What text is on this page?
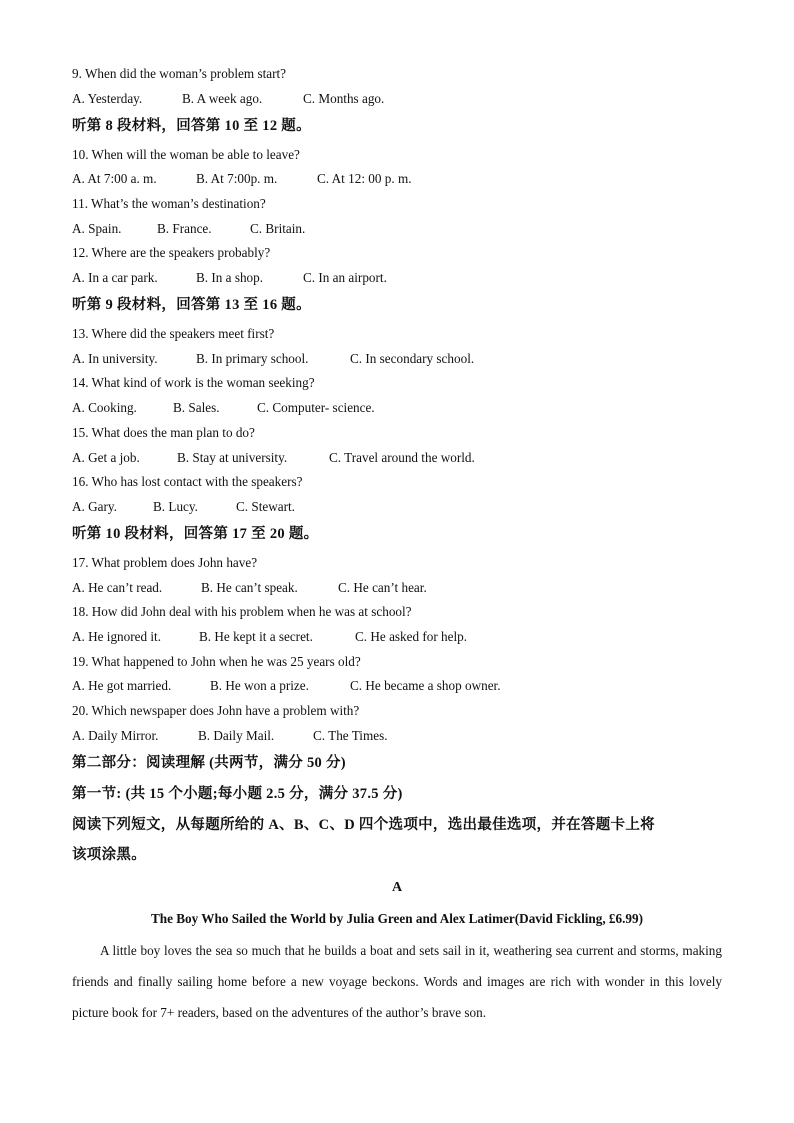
9. When did the woman’s problem start?
A. Yesterday.	B. A week ago.	C. Months ago.
听第 8 段材料，回答第 10 至 12 题。
10. When will the woman be able to leave?
A. At 7:00 a. m.	B. At 7:00p. m.	C. At 12: 00 p. m.
11. What’s the woman’s destination?
A. Spain.	B. France.	C. Britain.
12. Where are the speakers probably?
A. In a car park.	B. In a shop.	C. In an airport.
听第 9 段材料，回答第 13 至 16 题。
13. Where did the speakers meet first?
A. In university.	B. In primary school.	C. In secondary school.
14. What kind of work is the woman seeking?
A. Cooking.	B. Sales.	C. Computer- science.
15. What does the man plan to do?
A. Get a job.	B. Stay at university.	C. Travel around the world.
16. Who has lost contact with the speakers?
A. Gary.	B. Lucy.	C. Stewart.
听第 10 段材料，回答第 17 至 20 题。
17. What problem does John have?
A. He can’t read.	B. He can’t speak.	C. He can’t hear.
18. How did John deal with his problem when he was at school?
A. He ignored it.	B. He kept it a secret.	C. He asked for help.
19. What happened to John when he was 25 years old?
A. He got married.	B. He won a prize.	C. He became a shop owner.
20. Which newspaper does John have a problem with?
A. Daily Mirror.	B. Daily Mail.	C. The Times.
第二部分：阅读理解 (共两节，满分 50 分)
第一节: (共 15 个小题;每小题 2.5 分，满分 37.5 分)
阅读下列短文，从每题所给的 A、B、C、D 四个选项中，选出最佳选项，并在答题卡上将
该项涂黑。
A
The Boy Who Sailed the World by Julia Green and Alex Latimer(David Fickling, £6.99)
A little boy loves the sea so much that he builds a boat and sets sail in it, weathering sea current and storms, making friends and finally sailing home before a new voyage beckons. Words and images are rich with wonder in this lovely picture book for 7+ readers, based on the adventures of the author’s brave son.
